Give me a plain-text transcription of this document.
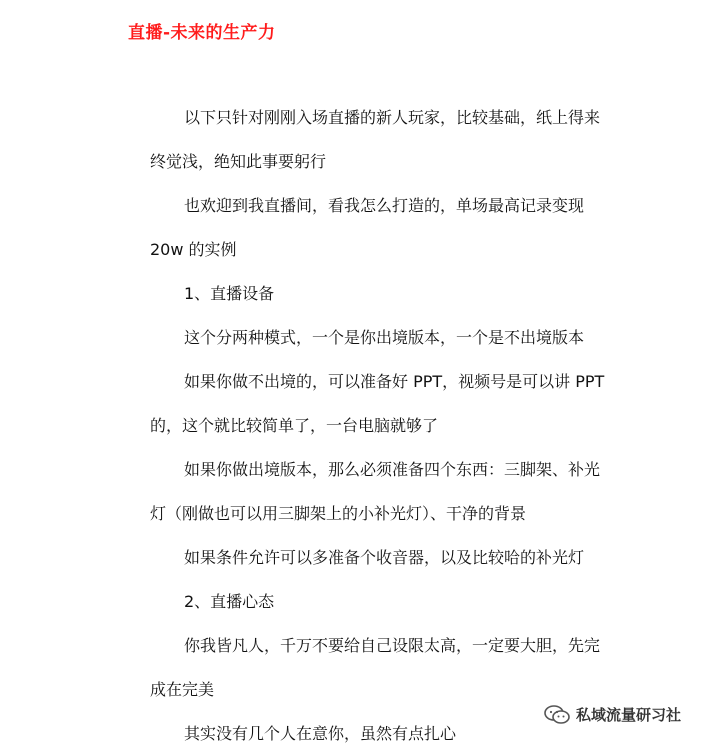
直播-未来的生产力
以下只针对刚刚入场直播的新人玩家，比较基础，纸上得来
终觉浅，绝知此事要躬行
也欢迎到我直播间，看我怎么打造的，单场最高记录变现
20w 的实例
1、直播设备
这个分两种模式，一个是你出境版本，一个是不出境版本
如果你做不出境的，可以准备好 PPT，视频号是可以讲 PPT
的，这个就比较简单了，一台电脑就够了
如果你做出境版本，那么必须准备四个东西：三脚架、补光
灯（刚做也可以用三脚架上的小补光灯）、干净的背景
如果条件允许可以多准备个收音器，以及比较哈的补光灯
2、直播心态
你我皆凡人，千万不要给自己设限太高，一定要大胆，先完
成在完美
其实没有几个人在意你，虽然有点扎心
私域流量研习社
